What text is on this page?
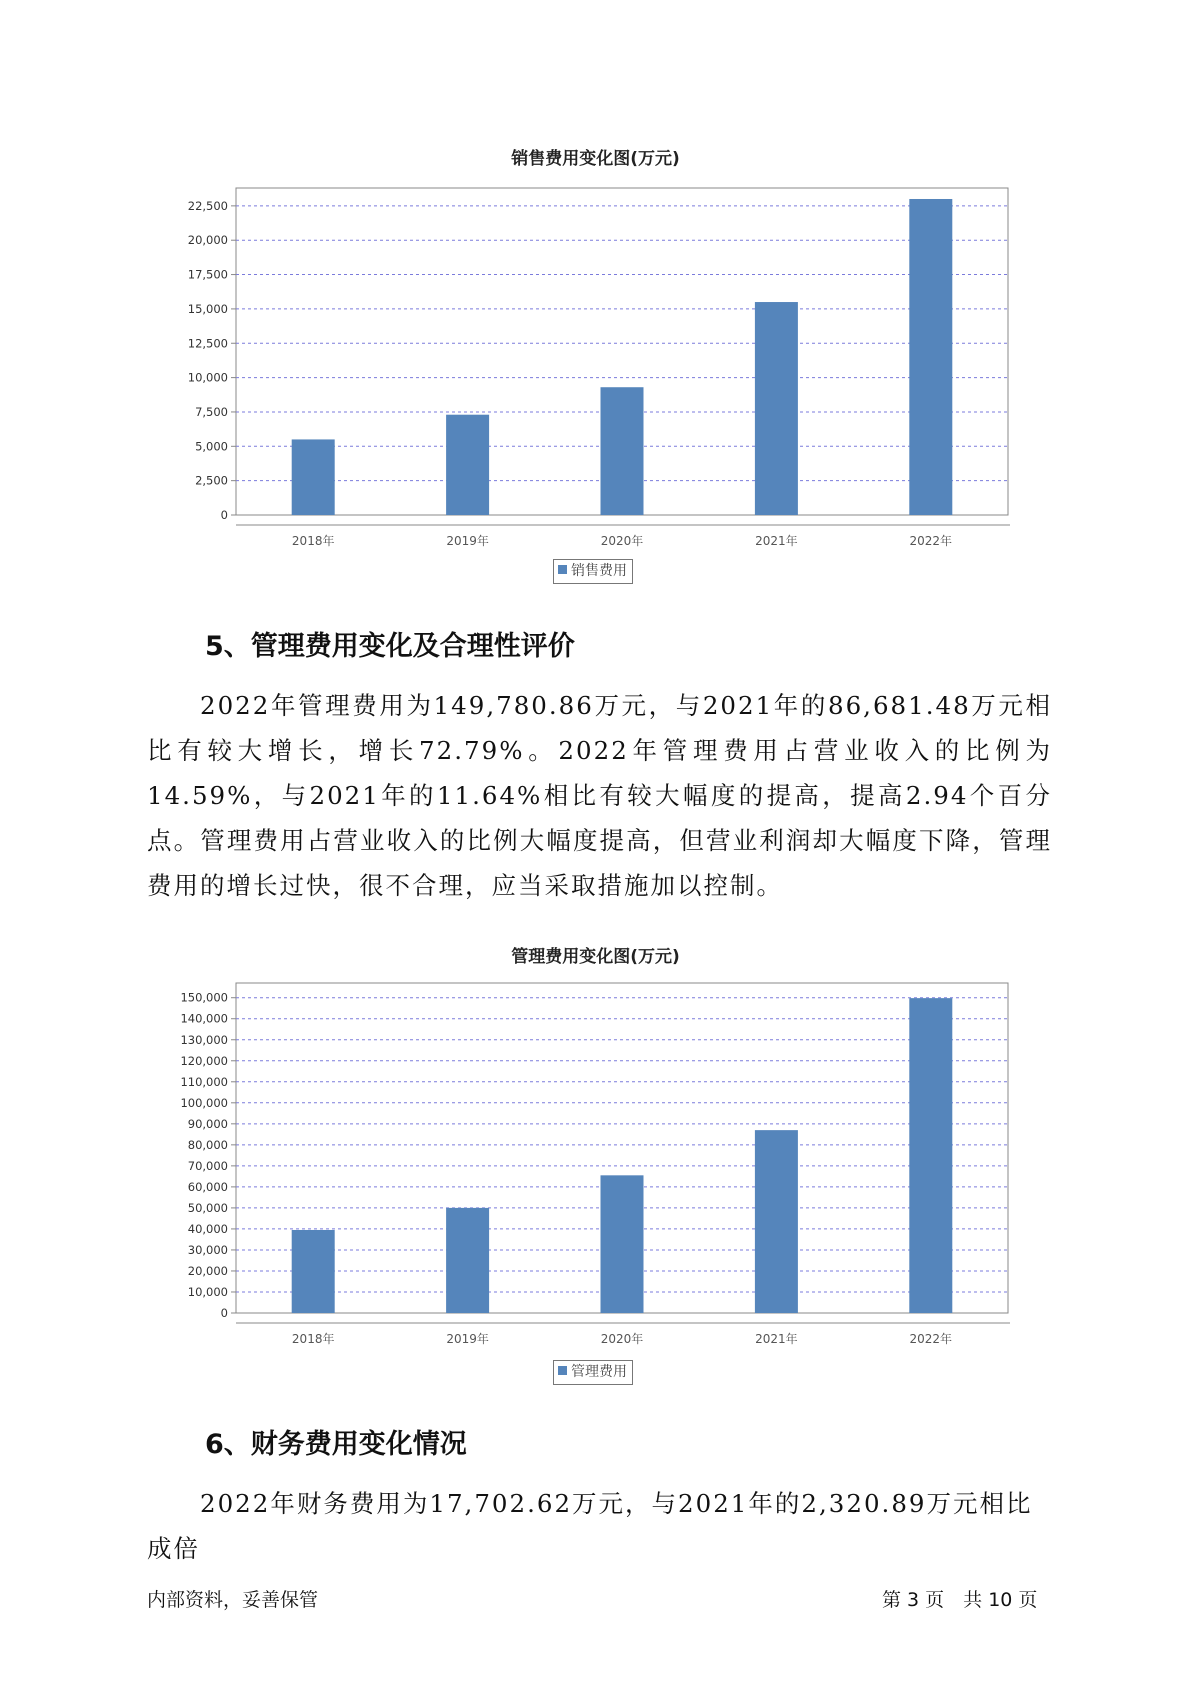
销售费用变化图(万元)
0
2,500
5,000
7,500
10,000
12,500
15,000
17,500
20,000
22,500
2018年	2019年	2020年	2021年	2022年
销售费用
5、管理费用变化及合理性评价

2022年管理费用为149,780.86万元，与2021年的86,681.48万元相比有较大增长，增长72.79%。2022年管理费用占营业收入的比例为14.59%，与2021年的11.64%相比有较大幅度的提高，提高2.94个百分点。管理费用占营业收入的比例大幅度提高，但营业利润却大幅度下降，管理费用的增长过快，很不合理，应当采取措施加以控制。

管理费用变化图(万元)
0
10,000
20,000
30,000
40,000
50,000
60,000
70,000
80,000
90,000
100,000
110,000
120,000
130,000
140,000
150,000
2018年	2019年	2020年	2021年	2022年
管理费用
6、财务费用变化情况

2022年财务费用为17,702.62万元，与2021年的2,320.89万元相比成倍

内部资料，妥善保管	第 3 页　共 10 页
